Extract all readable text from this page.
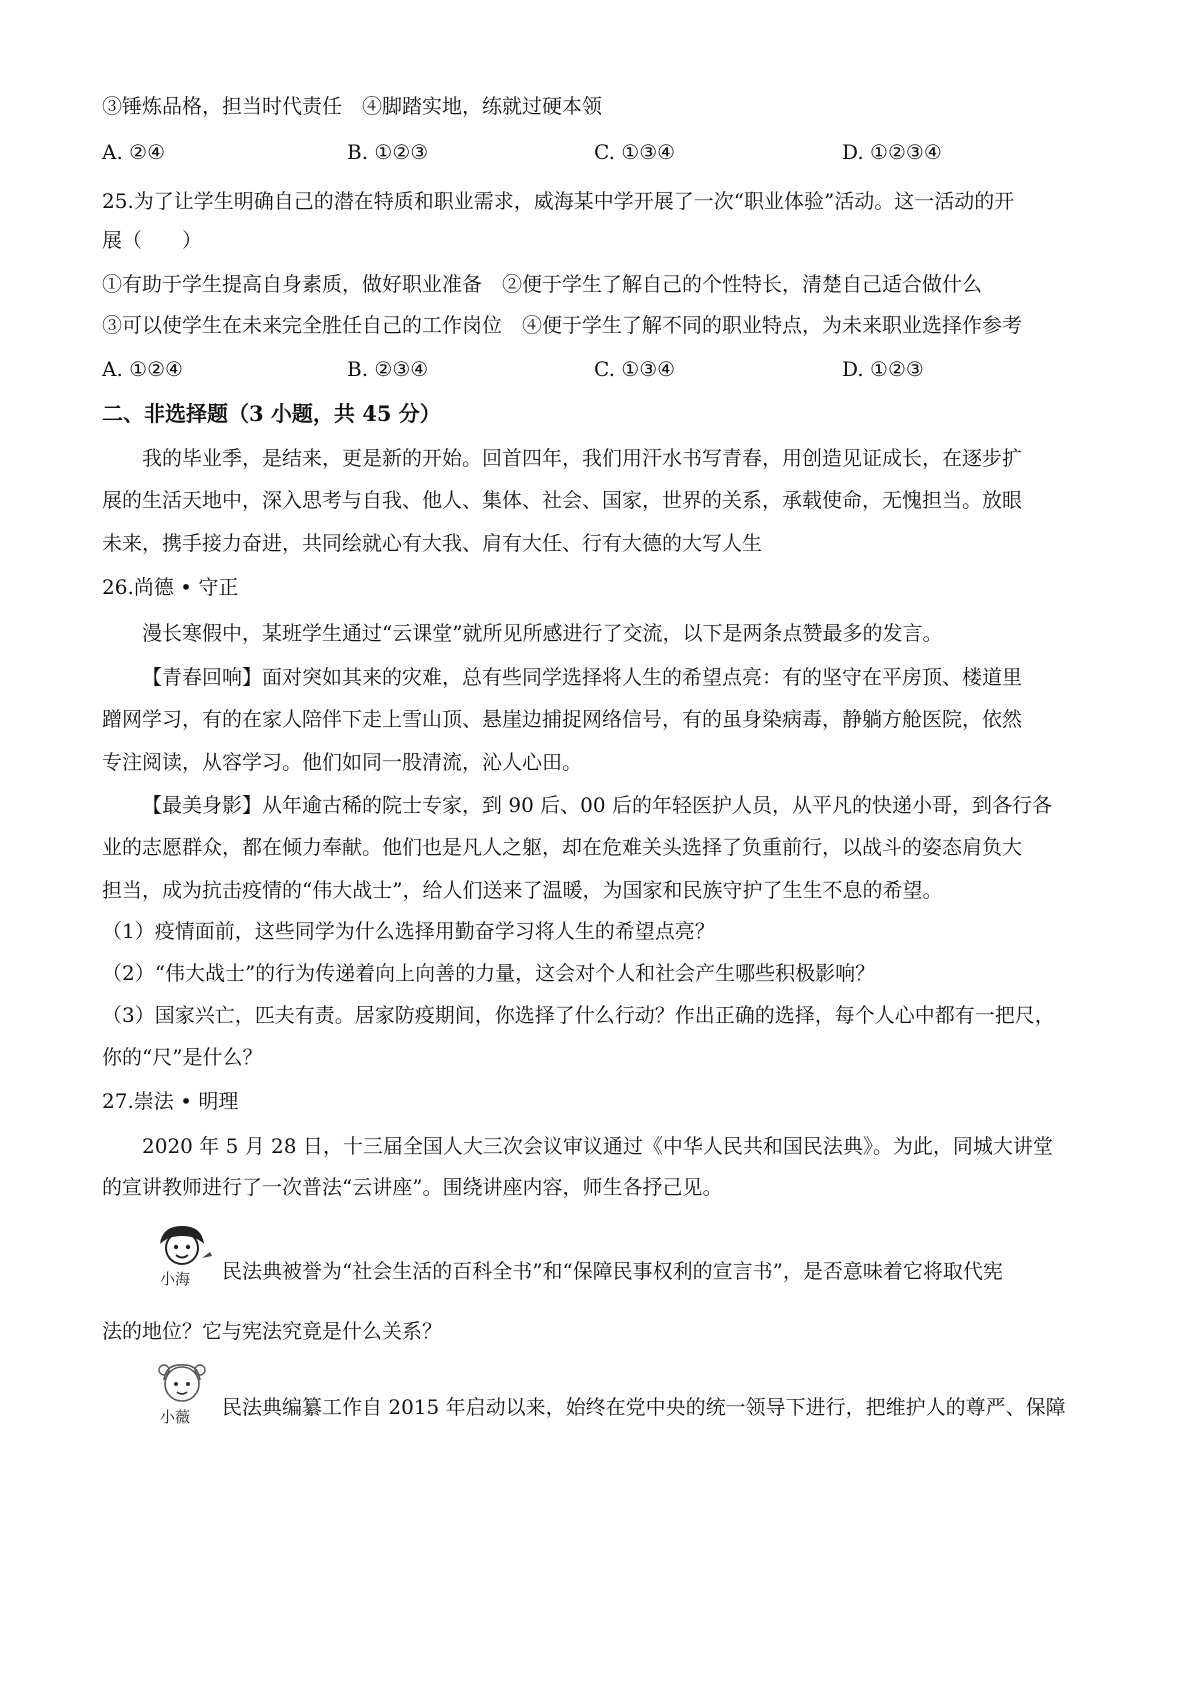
③锤炼品格，担当时代责任　④脚踏实地，练就过硬本领
A. ②④	B. ①②③	C. ①③④	D. ①②③④
25.为了让学生明确自己的潜在特质和职业需求，威海某中学开展了一次“职业体验”活动。这一活动的开
展（　　）
①有助于学生提高自身素质，做好职业准备　②便于学生了解自己的个性特长，清楚自己适合做什么
③可以使学生在未来完全胜任自己的工作岗位　④便于学生了解不同的职业特点，为未来职业选择作参考
A. ①②④	B. ②③④	C. ①③④	D. ①②③
二、非选择题（3 小题，共 45 分）
我的毕业季，是结来，更是新的开始。回首四年，我们用汗水书写青春，用创造见证成长，在逐步扩
展的生活天地中，深入思考与自我、他人、集体、社会、国家，世界的关系，承载使命，无愧担当。放眼
未来，携手接力奋进，共同绘就心有大我、肩有大任、行有大德的大写人生
26.尚德 • 守正
漫长寒假中，某班学生通过“云课堂”就所见所感进行了交流，以下是两条点赞最多的发言。
【青春回响】面对突如其来的灾难，总有些同学选择将人生的希望点亮：有的坚守在平房顶、楼道里
蹭网学习，有的在家人陪伴下走上雪山顶、悬崖边捕捉网络信号，有的虽身染病毒，静躺方舱医院，依然
专注阅读，从容学习。他们如同一股清流，沁人心田。
【最美身影】从年逾古稀的院士专家，到 90 后、00 后的年轻医护人员，从平凡的快递小哥，到各行各
业的志愿群众，都在倾力奉献。他们也是凡人之躯，却在危难关头选择了负重前行，以战斗的姿态肩负大
担当，成为抗击疫情的“伟大战士”，给人们送来了温暖，为国家和民族守护了生生不息的希望。
（1）疫情面前，这些同学为什么选择用勤奋学习将人生的希望点亮？
（2）“伟大战士”的行为传递着向上向善的力量，这会对个人和社会产生哪些积极影响？
（3）国家兴亡，匹夫有责。居家防疫期间，你选择了什么行动？作出正确的选择，每个人心中都有一把尺，
你的“尺”是什么？
27.崇法 • 明理
2020 年 5 月 28 日，十三届全国人大三次会议审议通过《中华人民共和国民法典》。为此，同城大讲堂
的宣讲教师进行了一次普法“云讲座”。围绕讲座内容，师生各抒己见。
小海 民法典被誉为“社会生活的百科全书”和“保障民事权利的宣言书”，是否意味着它将取代宪
法的地位？它与宪法究竟是什么关系？
小薇 民法典编纂工作自 2015 年启动以来，始终在党中央的统一领导下进行，把维护人的尊严、保障
